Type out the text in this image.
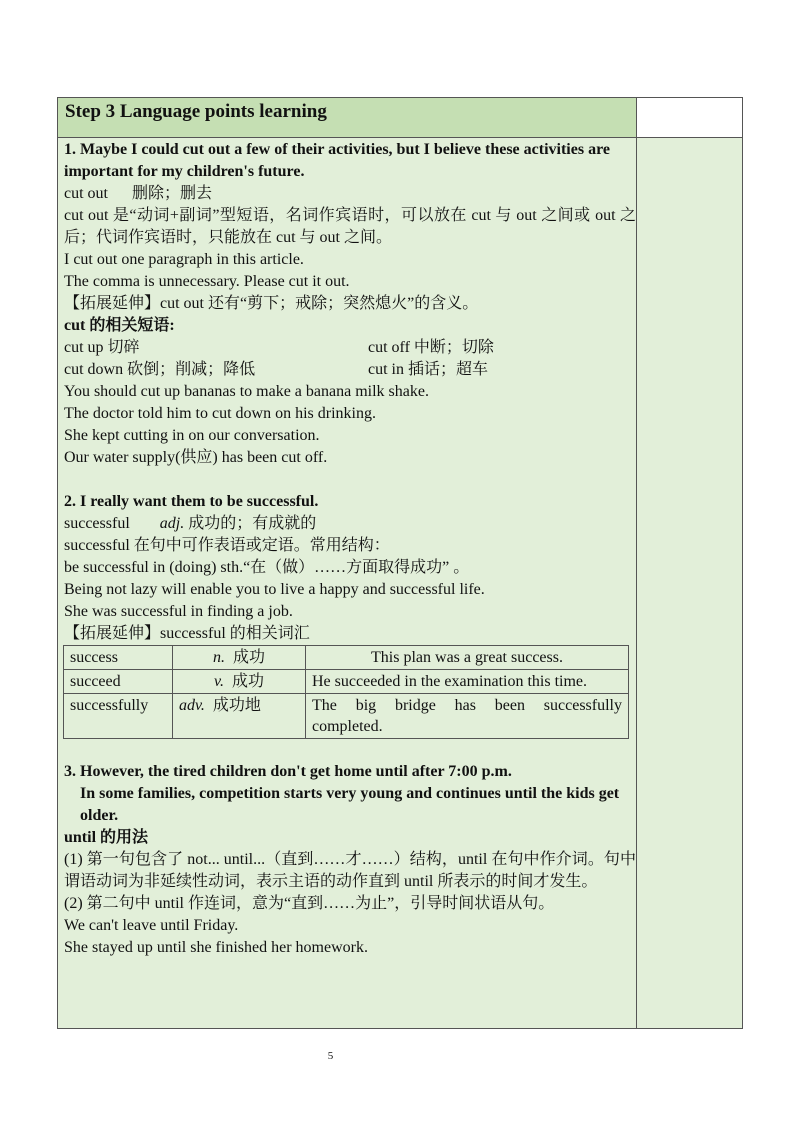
Step 3 Language points learning
1. Maybe I could cut out a few of their activities, but I believe these activities are important for my children's future.
cut out      删除；删去
cut out 是“动词+副词”型短语，名词作宾语时，可以放在 cut 与 out 之间或 out 之后；代词作宾语时，只能放在 cut 与 out 之间。
I cut out one paragraph in this article.
The comma is unnecessary. Please cut it out.
【拓展延伸】cut out 还有“剪下；戒除；突然熄火”的含义。
cut 的相关短语:
cut up 切碎	cut off 中断；切除
cut down 砍倒；削减；降低	cut in 插话；超车
You should cut up bananas to make a banana milk shake.
The doctor told him to cut down on his drinking.
She kept cutting in on our conversation.
Our water supply(供应) has been cut off.
2. I really want them to be successful.
successful adj. 成功的；有成就的
successful 在句中可作表语或定语。常用结构：
be successful in (doing) sth.“在（做）……方面取得成功” 。
Being not lazy will enable you to live a happy and successful life.
She was successful in finding a job.
【拓展延伸】successful 的相关词汇
success	n. 成功	This plan was a great success.
succeed	v. 成功	He succeeded in the examination this time.
successfully	adv. 成功地	The big bridge has been successfully completed.
3. However, the tired children don't get home until after 7:00 p.m.
In some families, competition starts very young and continues until the kids get older.
until 的用法
(1) 第一句包含了 not... until...（直到……才……）结构，until 在句中作介词。句中谓语动词为非延续性动词，表示主语的动作直到 until 所表示的时间才发生。
(2) 第二句中 until 作连词，意为“直到……为止”，引导时间状语从句。
We can't leave until Friday.
She stayed up until she finished her homework.
5
